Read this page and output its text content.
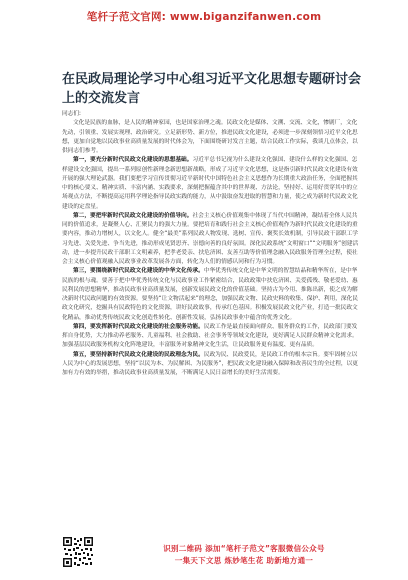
笔杆子范文官网: www.biganzifanwen.com
在民政局理论学习中心组习近平文化思想专题研讨会上的交流发言

同志们:

文化是民族的血脉，是人民的精神家园，也是国家治理之魂。民政文化是媒体、文溯、交流、文化，惨剧厂，文化先动，引领重、发展实现理、政治研究。立足新形势、新方位，推进民政文化建设，必须进一步深刻领悟习近平文化思想，更加自觉地以民政事业高质量发展的时代体会为，下面围绕研讨发言主题，结合民政工作实际，我谈几点体会，以供同志们参考。

第一，要充分新时代民政文化建设的思想基础。习近平总书记视为什么建设文化强国、建设什么样的文化强国、怎样建设文化强国，提出一系列原创性新理念新思想新战略，形成了习近平文化思想，这是指引新时代民政文化建设有效开展的强大理论武器。我们要把学习宣传贯彻习近平新时代中国特色社会主义思想作为长期重大政治任务，全面把握其中的核心要义、精神实质、丰富内涵、实践要求，深刻把握蕴含其中的世界观、方法论，坚持好、运用好贯穿其中的立场观点方法，不断提高运用科学理论指导民政实践的能力，从中汲取奋发进取的智慧和力量，使之成为新时代民政文化建设的定盘星。

第二，要把牢新时代民政文化建设的价值导向。社会主义核心价值观集中体现了当代中国精神，凝结着全体人民共同的价值追求，是凝聚人心、汇聚民力的强大力量。要把培育和践行社会主义核心价值观作为新时代民政文化建设的重要内容，推动力增树人，以文化人。健全“最美”系列民政人物发现、选树、宣传、褒奖长效机制，引导民政干部职工学习先进、关爱先进、争当先进，推动形成见贤思齐、崇德向善的良好氛围。深化民政系统“文明窗口”“文明服务”创建活动，进一步提升民政干部职工文明素养，把孝老爱亲、扶危济困、友善互助等价值理念融入民政服务管理全过程，使社会主义核心价值观融入民政事业改革发展各方面，转化为人们的情感认同和行为习惯。

第三，要围绕新时代民政文化建设的中华文化传承。中华优秀传统文化是中华文明的智慧结晶和精华所在，是中华民族的根与魂。要善于把中华优秀传统文化与民政事业工作紧密结合，民政政策中扶危济困、关爱孤残、敬老爱幼、惠民利民的思想精华，推动民政事业高质量发展，创新发展民政文化的价值基础。坚持古为今用、推陈出新，使之成为解决新时代民政问题的有效资源。要坚持“让文物活起来”的理念，加强民政文物、民政史料的收集、保护、利用，深化民政文化研究，挖掘具有民政特色的文化资源，讲好民政故事，传承红色基因。积极发展民政文化产业，打造一批民政文化精品，推动优秀传统民政文化创造性转化、创新性发展，弘扬民政事业中蕴含的优秀文化。

第四，要发挥新时代民政文化建设的社会服务功能。民政工作是最直接面向群众、服务群众的工作，民政部门要发挥自身优势，大力推动养老服务、儿童福利、社会救助、社会事务等领域文化建设，更好满足人民群众精神文化需求。加强基层民政服务机构文化阵地建设，丰富服务对象精神文化生活，让民政服务更有温度、更有品质。

第五，要坚持新时代民政文化建设的民政理念为民。民政为民、民政爱民，是民政工作的根本宗旨。要牢固树立以人民为中心的发展思想，坚持“以民为本、为民解困、为民服务”，把民政文化建设融入保障和改善民生的全过程，以更加有力有效的举措，推动民政事业高质量发展，不断满足人民日益增长的美好生活需要。

识别二维码 添加“笔杆子范文”客服微信公众号
一集天下文思 炼妙笔生花 助新地方通一
